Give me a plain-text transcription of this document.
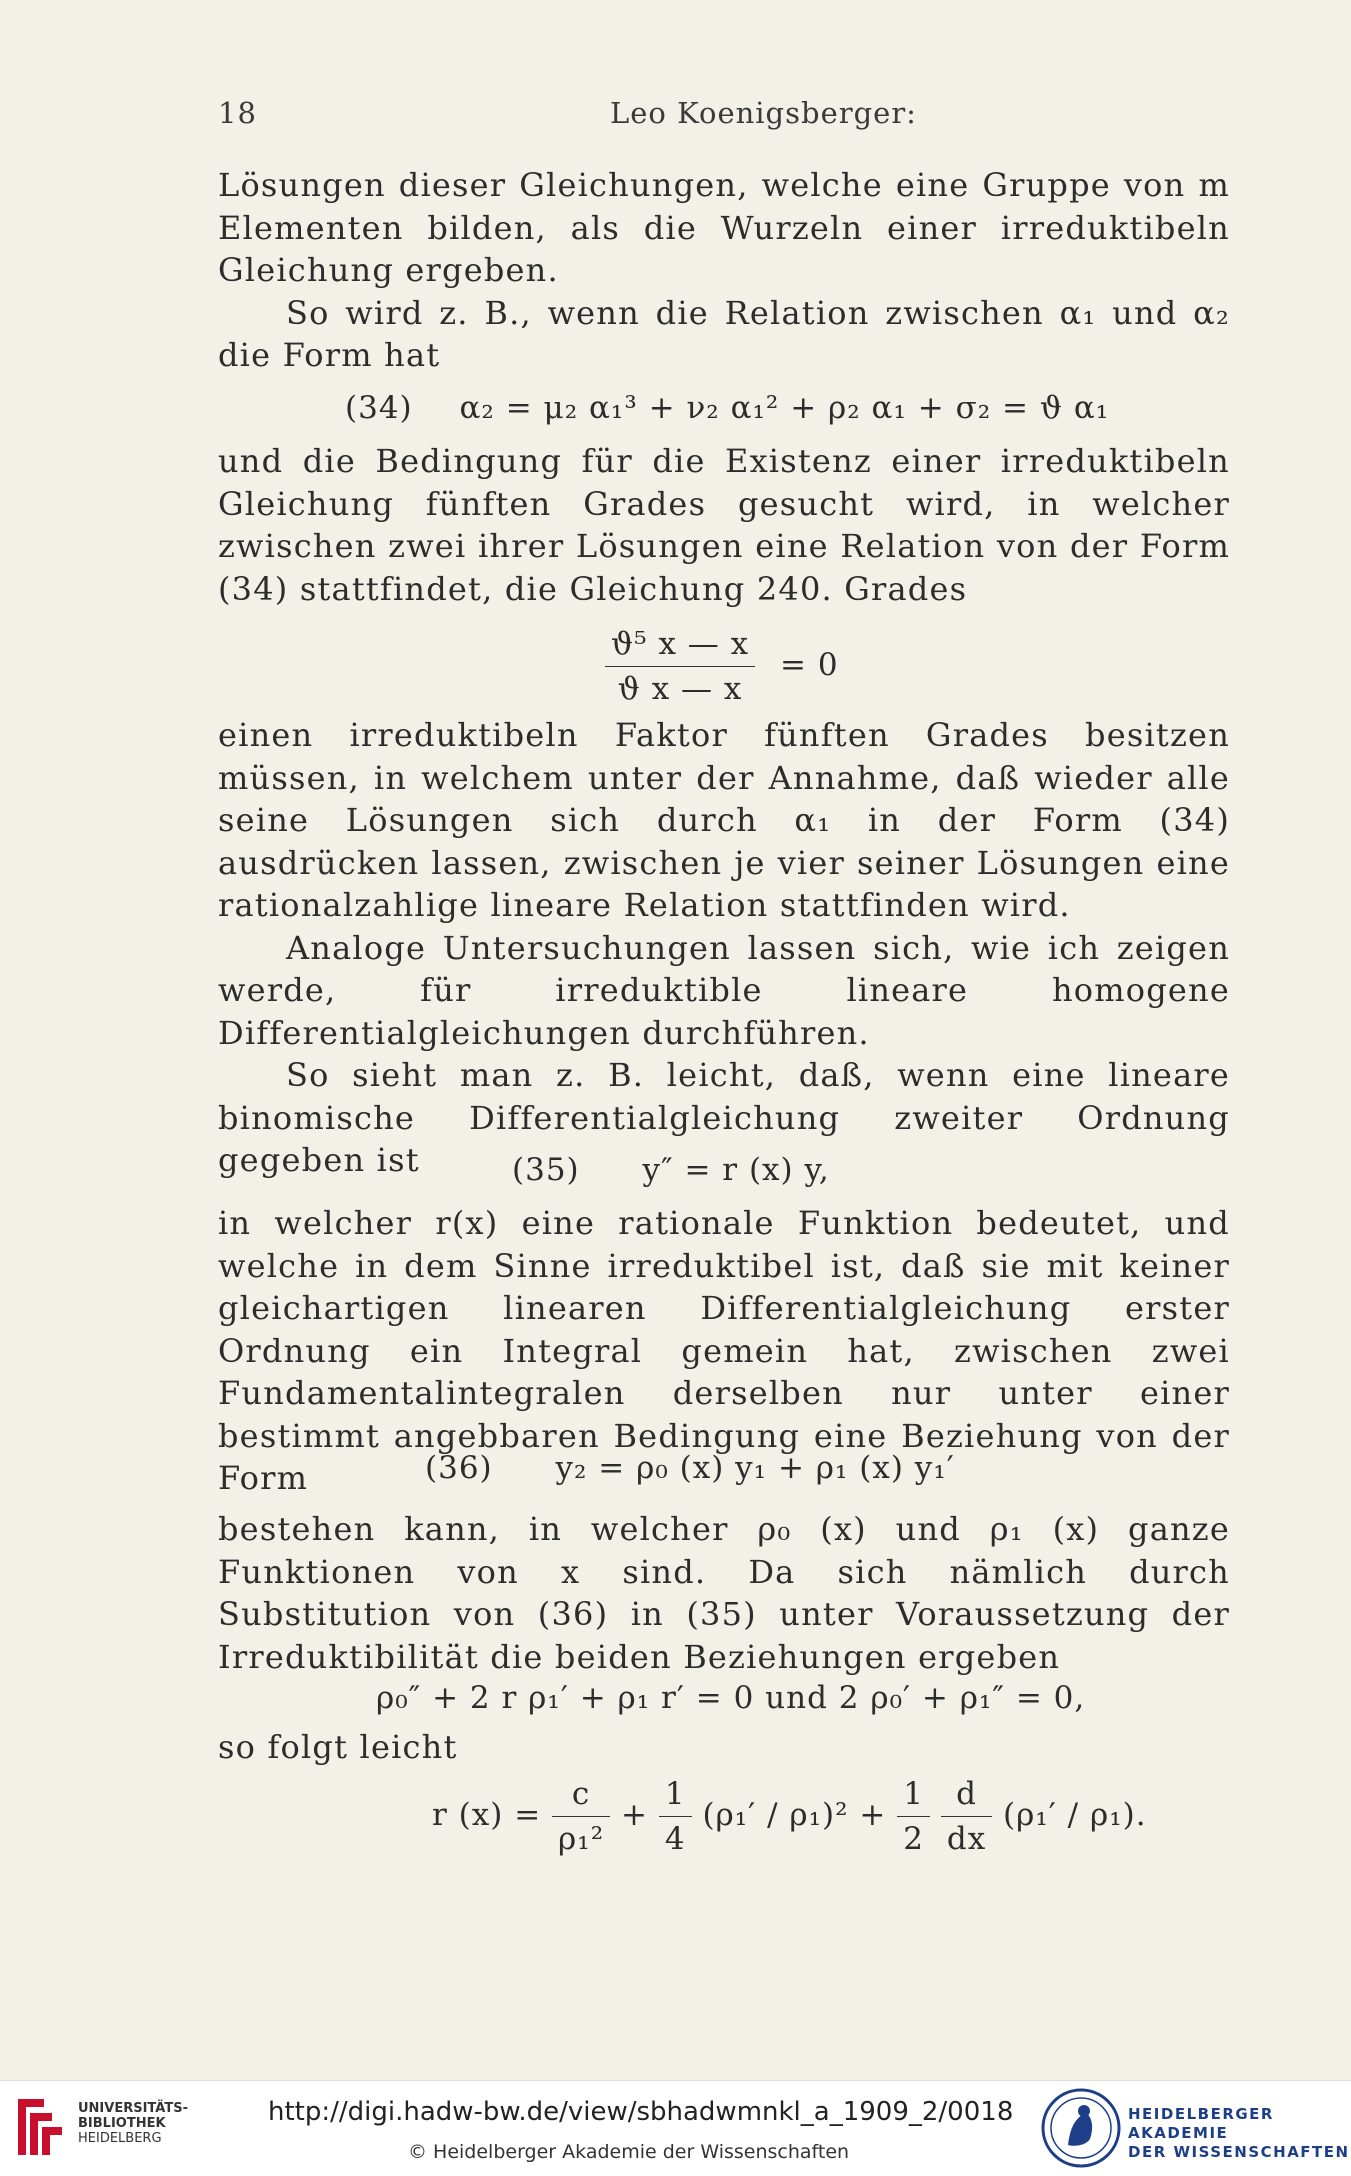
18	Leo Koenigsberger:

Lösungen dieser Gleichungen, welche eine Gruppe von m Elementen bilden, als die Wurzeln einer irreduktibeln Gleichung ergeben.

So wird z. B., wenn die Relation zwischen α₁ und α₂ die Form hat

(34) α₂ = μ₂ α₁³ + ν₂ α₁² + ρ₂ α₁ + σ₂ = ϑ α₁

und die Bedingung für die Existenz einer irreduktibeln Gleichung fünften Grades gesucht wird, in welcher zwischen zwei ihrer Lösungen eine Relation von der Form (34) stattfindet, die Gleichung 240. Grades

$\frac{\text{ϑ⁵ x — x}}{\text{ϑ x — x}} = 0$

einen irreduktibeln Faktor fünften Grades besitzen müssen, in welchem unter der Annahme, daß wieder alle seine Lösungen sich durch α₁ in der Form (34) ausdrücken lassen, zwischen je vier seiner Lösungen eine rationalzahlige lineare Relation stattfinden wird.

Analoge Untersuchungen lassen sich, wie ich zeigen werde, für irreduktible lineare homogene Differentialgleichungen durchführen.

So sieht man z. B. leicht, daß, wenn eine lineare binomische Differentialgleichung zweiter Ordnung gegeben ist	(35) y″ = r (x) y,

in welcher r(x) eine rationale Funktion bedeutet, und welche in dem Sinne irreduktibel ist, daß sie mit keiner gleichartigen linearen Differentialgleichung erster Ordnung ein Integral gemein hat, zwischen zwei Fundamentalintegralen derselben nur unter einer bestimmt angebbaren Bedingung eine Beziehung von der Form	(36) y₂ = ρ₀ (x) y₁ + ρ₁ (x) y₁′

bestehen kann, in welcher ρ₀ (x) und ρ₁ (x) ganze Funktionen von x sind. Da sich nämlich durch Substitution von (36) in (35) unter Voraussetzung der Irreduktibilität die beiden Beziehungen ergeben

ρ₀″ + 2 r ρ₁′ + ρ₁ r′ = 0 und 2 ρ₀′ + ρ₁″ = 0,

so folgt leicht

r $(x) = \frac{c}{\text{ρ₁²}} + \frac{1}{4} (\rho_1' / \rho_1)^2 + \frac{1}{2}$
$\frac{d}{dx} (\rho_1' / \rho_1)$.
UNIVERSITÄTS-
BIBLIOTHEK
HEIDELBERG
http://digi.hadw-bw.de/view/sbhadwmnkl_a_1909_2/0018
© Heidelberger Akademie der Wissenschaften
HEIDELBERGER AKADEMIE
DER WISSENSCHAFTEN
